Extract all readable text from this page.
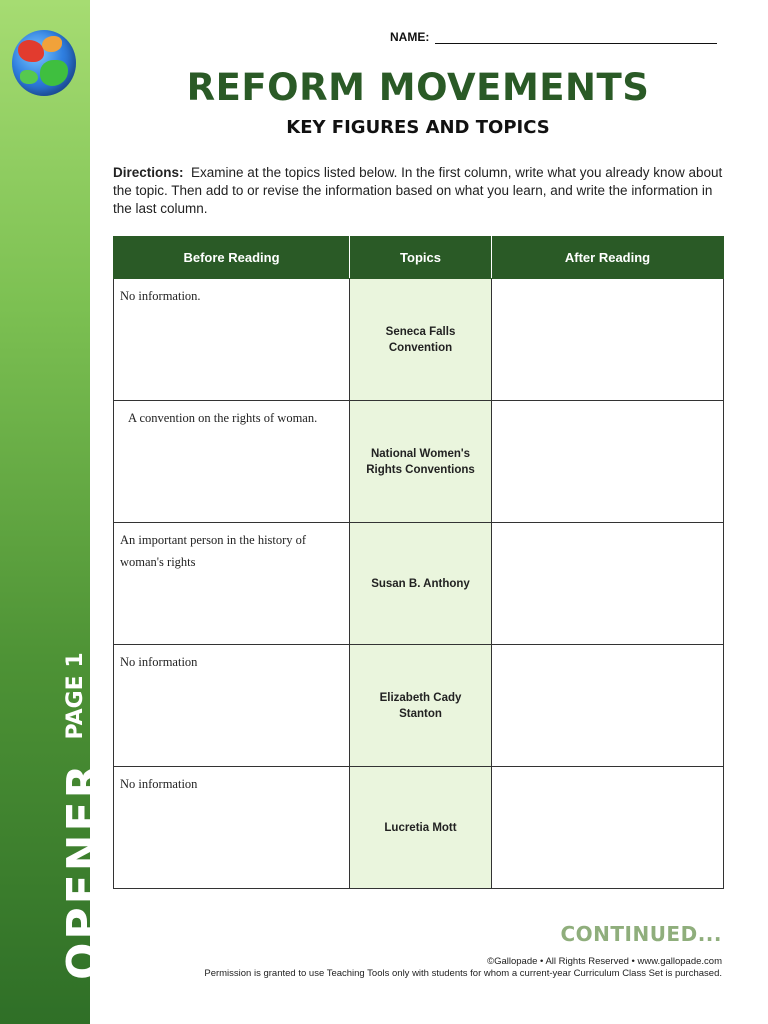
OPENERPAGE 1
NAME:
REFORM MOVEMENTS
KEY FIGURES AND TOPICS
Directions: Examine at the topics listed below. In the first column, write what you already know about the topic. Then add to or revise the information based on what you learn, and write the information in the last column.
Before Reading	Topics	After Reading
No information.	Seneca Falls Convention	
A convention on the rights of woman.	National Women's Rights Conventions	
An important person in the history of woman's rights	Susan B. Anthony	
No information	Elizabeth Cady Stanton	
No information	Lucretia Mott	
CONTINUED...
©Gallopade • All Rights Reserved • www.gallopade.com
Permission is granted to use Teaching Tools only with students for whom a current-year Curriculum Class Set is purchased.
